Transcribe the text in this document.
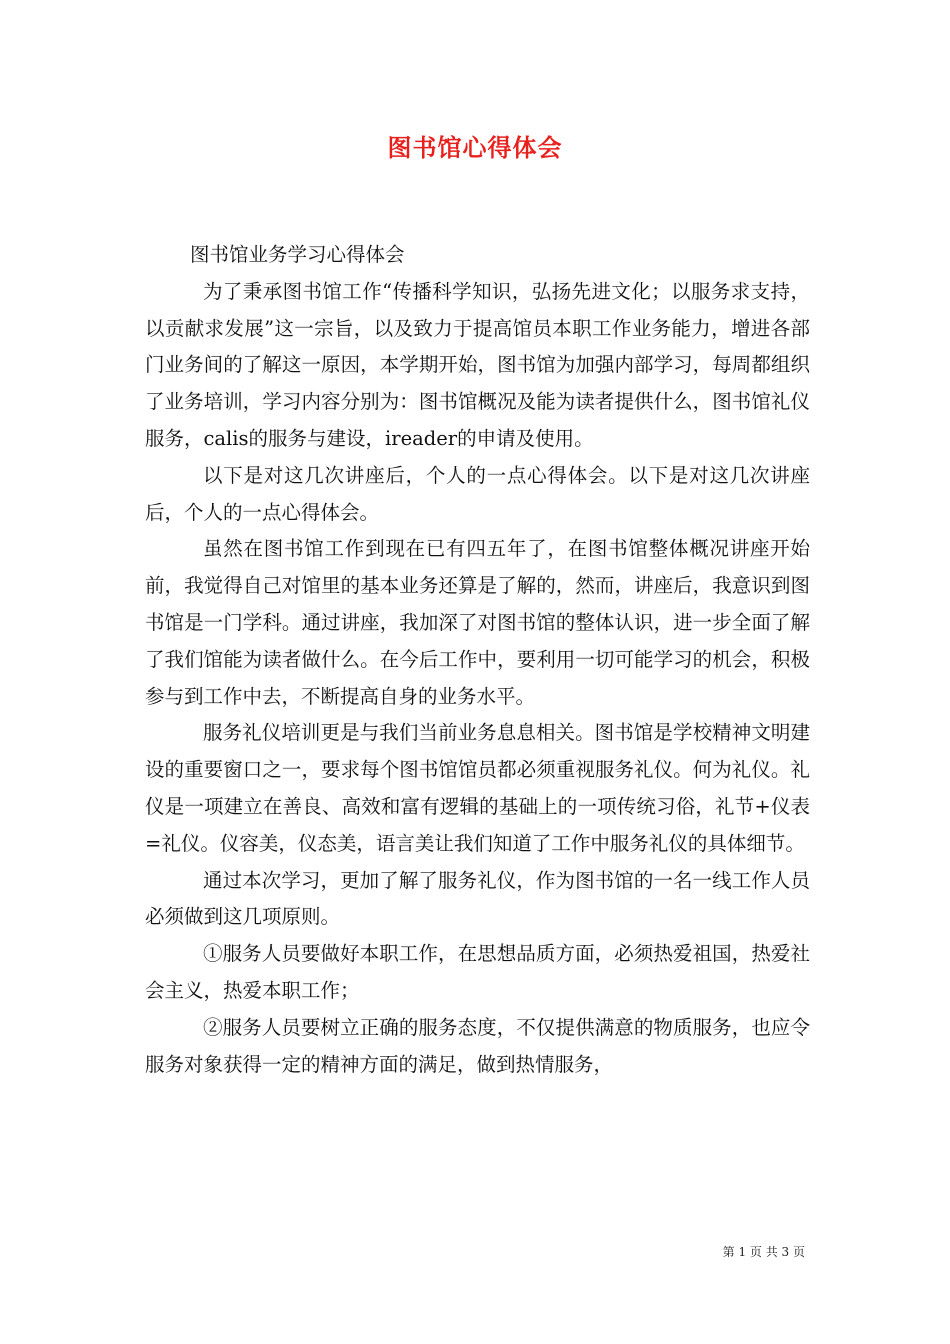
图书馆心得体会

图书馆业务学习心得体会

为了秉承图书馆工作“传播科学知识，弘扬先进文化；以服务求支持，以贡献求发展”这一宗旨，以及致力于提高馆员本职工作业务能力，增进各部门业务间的了解这一原因，本学期开始，图书馆为加强内部学习，每周都组织了业务培训，学习内容分别为：图书馆概况及能为读者提供什么，图书馆礼仪服务，calis的服务与建设，ireader的申请及使用。

以下是对这几次讲座后，个人的一点心得体会。以下是对这几次讲座后，个人的一点心得体会。

虽然在图书馆工作到现在已有四五年了，在图书馆整体概况讲座开始前，我觉得自己对馆里的基本业务还算是了解的，然而，讲座后，我意识到图书馆是一门学科。通过讲座，我加深了对图书馆的整体认识，进一步全面了解了我们馆能为读者做什么。在今后工作中，要利用一切可能学习的机会，积极参与到工作中去，不断提高自身的业务水平。

服务礼仪培训更是与我们当前业务息息相关。图书馆是学校精神文明建设的重要窗口之一，要求每个图书馆馆员都必须重视服务礼仪。何为礼仪。礼仪是一项建立在善良、高效和富有逻辑的基础上的一项传统习俗，礼节+仪表=礼仪。仪容美，仪态美，语言美让我们知道了工作中服务礼仪的具体细节。

通过本次学习，更加了解了服务礼仪，作为图书馆的一名一线工作人员必须做到这几项原则。

①服务人员要做好本职工作，在思想品质方面，必须热爱祖国，热爱社会主义，热爱本职工作；

②服务人员要树立正确的服务态度，不仅提供满意的物质服务，也应令服务对象获得一定的精神方面的满足，做到热情服务，

第 1 页 共 3 页
